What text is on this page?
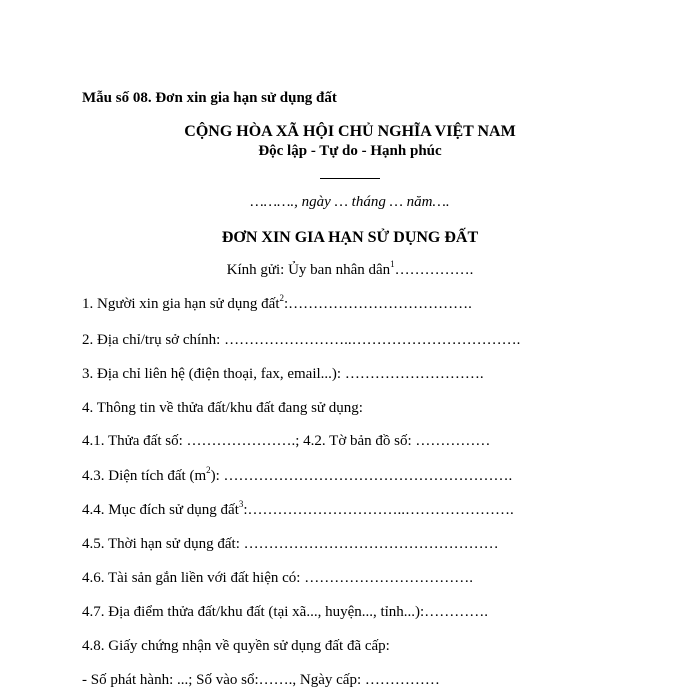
Mẫu số 08. Đơn xin gia hạn sử dụng đất
CỘNG HÒA XÃ HỘI CHỦ NGHĨA VIỆT NAM
Độc lập - Tự do - Hạnh phúc
………., ngày … tháng … năm….
ĐƠN XIN GIA HẠN SỬ DỤNG ĐẤT
Kính gửi: Ủy ban nhân dân$^1$…………….
1. Người xin gia hạn sử dụng đất$^2$:……………………………….
2. Địa chỉ/trụ sở chính: ……………………..…………………………….
3. Địa chỉ liên hệ (điện thoại, fax, email...): ……………………….
4. Thông tin về thửa đất/khu đất đang sử dụng:
4.1. Thửa đất số: ………………….; 4.2. Tờ bản đồ số: ……………
4.3. Diện tích đất $(m^2)$: ………………………………………………….
4.4. Mục đích sử dụng đất$^3$:…………………………..………………….
4.5. Thời hạn sử dụng đất: ……………………………………………
4.6. Tài sản gắn liền với đất hiện có: …………………………….
4.7. Địa điểm thửa đất/khu đất (tại xã..., huyện..., tỉnh...):………….
4.8. Giấy chứng nhận về quyền sử dụng đất đã cấp:
- Số phát hành: ...; Số vào sổ:……., Ngày cấp: ……………
